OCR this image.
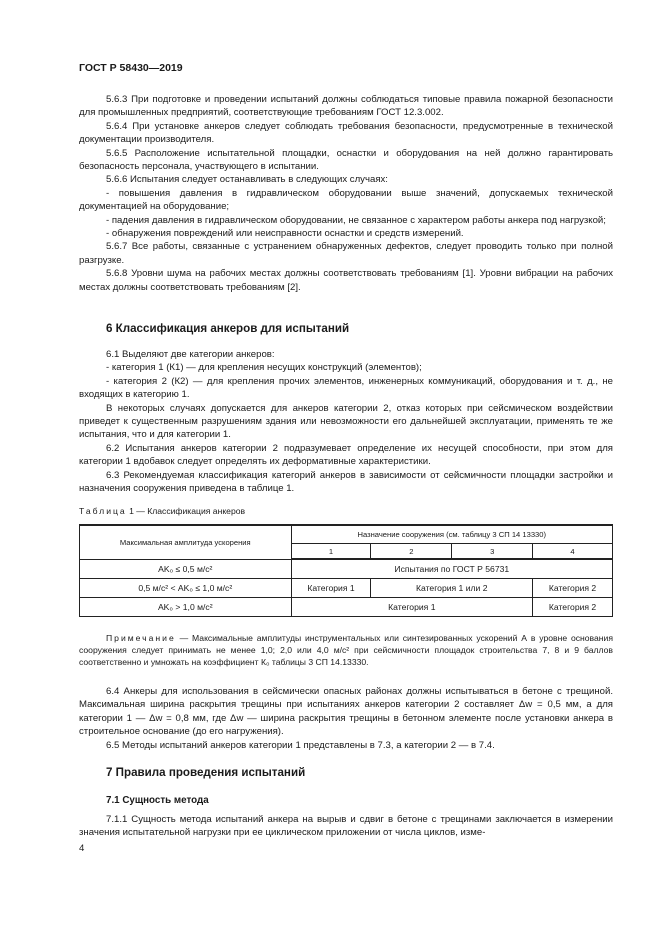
ГОСТ Р 58430—2019

5.6.3 При подготовке и проведении испытаний должны соблюдаться типовые правила пожарной безопасности для промышленных предприятий, соответствующие требованиям ГОСТ 12.3.002.

5.6.4 При установке анкеров следует соблюдать требования безопасности, предусмотренные в технической документации производителя.

5.6.5 Расположение испытательной площадки, оснастки и оборудования на ней должно гарантировать безопасность персонала, участвующего в испытании.

5.6.6 Испытания следует останавливать в следующих случаях:

- повышения давления в гидравлическом оборудовании выше значений, допускаемых технической документацией на оборудование;

- падения давления в гидравлическом оборудовании, не связанное с характером работы анкера под нагрузкой;

- обнаружения повреждений или неисправности оснастки и средств измерений.

5.6.7 Все работы, связанные с устранением обнаруженных дефектов, следует проводить только при полной разгрузке.

5.6.8 Уровни шума на рабочих местах должны соответствовать требованиям [1]. Уровни вибрации на рабочих местах должны соответствовать требованиям [2].

6 Классификация анкеров для испытаний

6.1 Выделяют две категории анкеров:

- категория 1 (К1) — для крепления несущих конструкций (элементов);

- категория 2 (К2) — для крепления прочих элементов, инженерных коммуникаций, оборудования и т. д., не входящих в категорию 1.

В некоторых случаях допускается для анкеров категории 2, отказ которых при сейсмическом воздействии приведет к существенным разрушениям здания или невозможности его дальнейшей эксплуатации, применять те же испытания, что и для категории 1.

6.2 Испытания анкеров категории 2 подразумевает определение их несущей способности, при этом для категории 1 вдобавок следует определять их деформативные характеристики.

6.3 Рекомендуемая классификация категорий анкеров в зависимости от сейсмичности площадки застройки и назначения сооружения приведена в таблице 1.

Таблица 1 — Классификация анкеров
Максимальная амплитуда ускорения	Назначение сооружения (см. таблицу 3 СП 14 13330)			
	1	2	3	4
AK₀ ≤ 0,5 м/с²	Испытания по ГОСТ Р 56731			
0,5 м/с² < AK₀ ≤ 1,0 м/с²	Категория 1	Категория 1 или 2		Категория 2
AK₀ > 1,0 м/с²	Категория 1			Категория 2
Примечание — Максимальные амплитуды инструментальных или синтезированных ускорений А в уровне основания сооружения следует принимать не менее 1,0; 2,0 или 4,0 м/с² при сейсмичности площадок строительства 7, 8 и 9 баллов соответственно и умножать на коэффициент К₀ таблицы 3 СП 14.13330.

6.4 Анкеры для использования в сейсмически опасных районах должны испытываться в бетоне с трещиной. Максимальная ширина раскрытия трещины при испытаниях анкеров категории 2 составляет Δw = 0,5 мм, а для категории 1 — Δw = 0,8 мм, где Δw — ширина раскрытия трещины в бетонном элементе после установки анкера в строительное основание (до его нагружения).

6.5 Методы испытаний анкеров категории 1 представлены в 7.3, а категории 2 — в 7.4.

7 Правила проведения испытаний
7.1 Сущность метода

7.1.1 Сущность метода испытаний анкера на вырыв и сдвиг в бетоне с трещинами заключается в измерении значения испытательной нагрузки при ее циклическом приложении от числа циклов, изме-

4
